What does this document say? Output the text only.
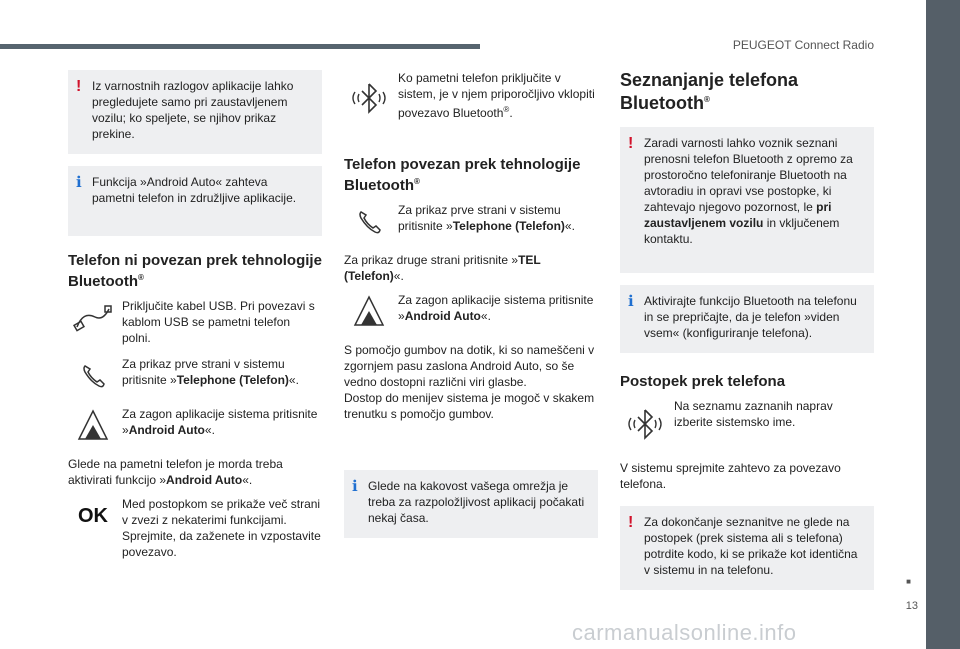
PEUGEOT Connect Radio
■
13
carmanualsonline.info
! Iz varnostnih razlogov aplikacije lahko pregledujete samo pri zaustavljenem vozilu; ko speljete, se njihov prikaz prekine.
ℹ Funkcija »Android Auto« zahteva pametni telefon in združljive aplikacije.
Telefon ni povezan prek tehnologije Bluetooth®
Priključite kabel USB. Pri povezavi s kablom USB se pametni telefon polni.
Za prikaz prve strani v sistemu pritisnite »Telephone (Telefon)«.
Za zagon aplikacije sistema pritisnite »Android Auto«.

Glede na pametni telefon je morda treba aktivirati funkcijo »Android Auto«.

OK
Med postopkom se prikaže več strani v zvezi z nekaterimi funkcijami. Sprejmite, da zaženete in vzpostavite povezavo.
Ko pametni telefon priključite v sistem, je v njem priporočljivo vklopiti povezavo Bluetooth®.
Telefon povezan prek tehnologije Bluetooth®
Za prikaz prve strani v sistemu pritisnite »Telephone (Telefon)«.

Za prikaz druge strani pritisnite »TEL (Telefon)«.

Za zagon aplikacije sistema pritisnite »Android Auto«.

S pomočjo gumbov na dotik, ki so nameščeni v zgornjem pasu zaslona Android Auto, so še vedno dostopni različni viri glasbe.
Dostop do menijev sistema je mogoč v skakem trenutku s pomočjo gumbov.

ℹ Glede na kakovost vašega omrežja je treba za razpoložljivost aplikacij počakati nekaj časa.
Seznanjanje telefona Bluetooth®
! Zaradi varnosti lahko voznik seznani prenosni telefon Bluetooth z opremo za prostoročno telefoniranje Bluetooth na avtoradiu in opravi vse postopke, ki zahtevajo njegovo pozornost, le pri zaustavljenem vozilu in vključenem kontaktu.
ℹ Aktivirajte funkcijo Bluetooth na telefonu in se prepričajte, da je telefon »viden vsem« (konfiguriranje telefona).
Postopek prek telefona
Na seznamu zaznanih naprav izberite sistemsko ime.

V sistemu sprejmite zahtevo za povezavo telefona.

! Za dokončanje seznanitve ne glede na postopek (prek sistema ali s telefona) potrdite kodo, ki se prikaže kot identična v sistemu in na telefonu.
